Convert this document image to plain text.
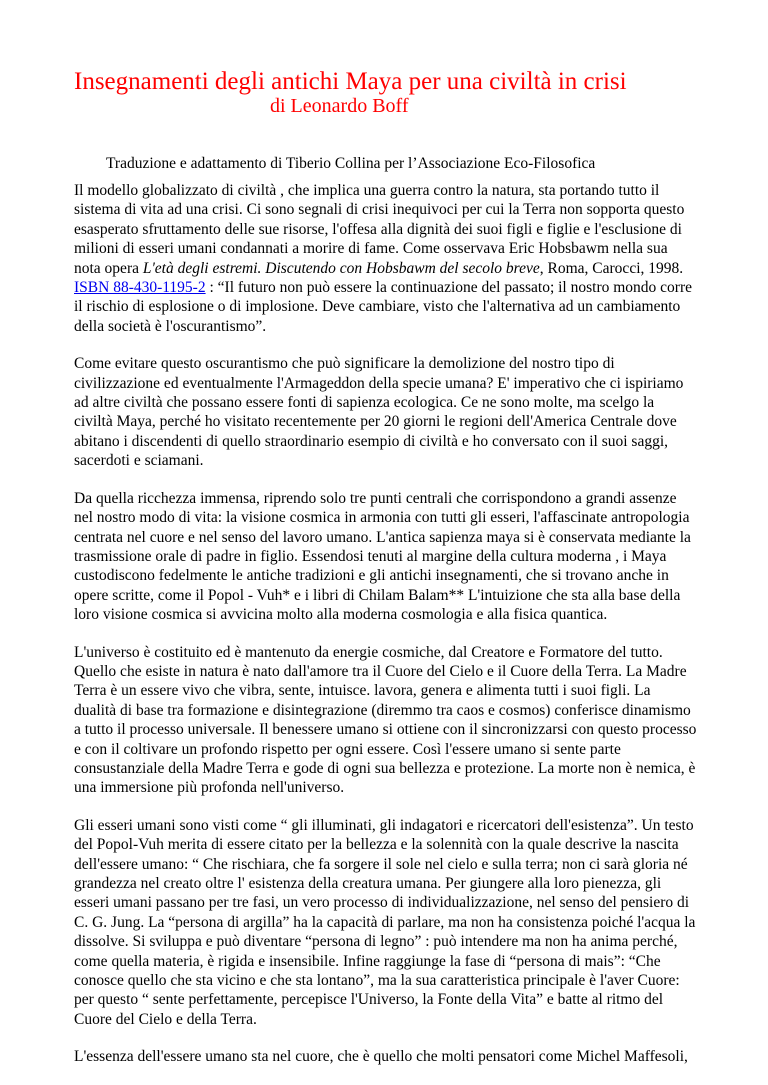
Insegnamenti degli antichi Maya per una civiltà in crisi
di Leonardo Boff
Traduzione e adattamento di Tiberio Collina per l’Associazione Eco-Filosofica
Il modello globalizzato di civiltà , che implica una guerra contro la natura, sta portando tutto il
sistema di vita ad una crisi. Ci sono segnali di crisi inequivoci per cui la Terra non sopporta questo
esasperato sfruttamento delle sue risorse, l'offesa alla dignità dei suoi figli e figlie e l'esclusione di
milioni di esseri umani condannati a morire di fame. Come osservava Eric Hobsbawm nella sua
nota opera L'età degli estremi. Discutendo con Hobsbawm del secolo breve, Roma, Carocci, 1998.
ISBN 88-430-1195-2 : “Il futuro non può essere la continuazione del passato; il nostro mondo corre
il rischio di esplosione o di implosione. Deve cambiare, visto che l'alternativa ad un cambiamento
della società è l'oscurantismo”.
Come evitare questo oscurantismo che può significare la demolizione del nostro tipo di
civilizzazione ed eventualmente l'Armageddon della specie umana? E' imperativo che ci ispiriamo
ad altre civiltà che possano essere fonti di sapienza ecologica. Ce ne sono molte, ma scelgo la
civiltà Maya, perché ho visitato recentemente per 20 giorni le regioni dell'America Centrale dove
abitano i discendenti di quello straordinario esempio di civiltà e ho conversato con il suoi saggi,
sacerdoti e sciamani.
Da quella ricchezza immensa, riprendo solo tre punti centrali che corrispondono a grandi assenze
nel nostro modo di vita: la visione cosmica in armonia con tutti gli esseri, l'affascinate antropologia
centrata nel cuore e nel senso del lavoro umano. L'antica sapienza maya si è conservata mediante la
trasmissione orale di padre in figlio. Essendosi tenuti al margine della cultura moderna , i Maya
custodiscono fedelmente le antiche tradizioni e gli antichi insegnamenti, che si trovano anche in
opere scritte, come il Popol - Vuh* e i libri di Chilam Balam** L'intuizione che sta alla base della
loro visione cosmica si avvicina molto alla moderna cosmologia e alla fisica quantica.
L'universo è costituito ed è mantenuto da energie cosmiche, dal Creatore e Formatore del tutto.
Quello che esiste in natura è nato dall'amore tra il Cuore del Cielo e il Cuore della Terra. La Madre
Terra è un essere vivo che vibra, sente, intuisce. lavora, genera e alimenta tutti i suoi figli. La
dualità di base tra formazione e disintegrazione (diremmo tra caos e cosmos) conferisce dinamismo
a tutto il processo universale. Il benessere umano si ottiene con il sincronizzarsi con questo processo
e con il coltivare un profondo rispetto per ogni essere. Così l'essere umano si sente parte
consustanziale della Madre Terra e gode di ogni sua bellezza e protezione. La morte non è nemica, è
una immersione più profonda nell'universo.
Gli esseri umani sono visti come “ gli illuminati, gli indagatori e ricercatori dell'esistenza”. Un testo
del Popol-Vuh merita di essere citato per la bellezza e la solennità con la quale descrive la nascita
dell'essere umano: “ Che rischiara, che fa sorgere il sole nel cielo e sulla terra; non ci sarà gloria né
grandezza nel creato oltre l' esistenza della creatura umana. Per giungere alla loro pienezza, gli
esseri umani passano per tre fasi, un vero processo di individualizzazione, nel senso del pensiero di
C. G. Jung. La “persona di argilla” ha la capacità di parlare, ma non ha consistenza poiché l'acqua la
dissolve. Si sviluppa e può diventare “persona di legno” : può intendere ma non ha anima perché,
come quella materia, è rigida e insensibile. Infine raggiunge la fase di “persona di mais”: “Che
conosce quello che sta vicino e che sta lontano”, ma la sua caratteristica principale è l'aver Cuore:
per questo “ sente perfettamente, percepisce l'Universo, la Fonte della Vita” e batte al ritmo del
Cuore del Cielo e della Terra.
L'essenza dell'essere umano sta nel cuore, che è quello che molti pensatori come Michel Maffesoli,
